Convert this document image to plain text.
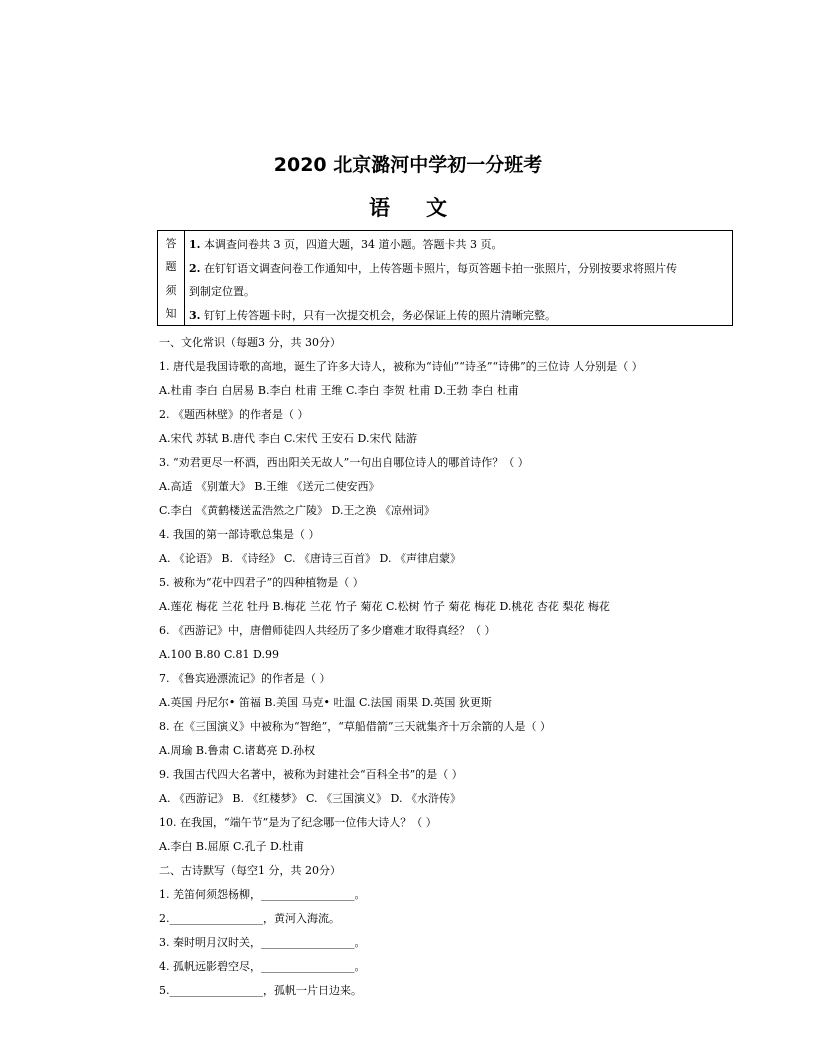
2020 北京潞河中学初一分班考
语文
答
题
须
知
1. 本调查问卷共 3 页，四道大题，34 道小题。答题卡共 3 页。
2. 在钉钉语文调查问卷工作通知中，上传答题卡照片，每页答题卡拍一张照片，分别按要求将照片传
到制定位置。
3. 钉钉上传答题卡时，只有一次提交机会，务必保证上传的照片清晰完整。
一、文化常识（每题3 分，共 30分）
1. 唐代是我国诗歌的高地，诞生了许多大诗人，被称为“诗仙”“诗圣”“诗佛”的三位诗 人分别是（ ）
A.杜甫 李白 白居易 B.李白 杜甫 王维 C.李白 李贺 杜甫 D.王勃 李白 杜甫
2. 《题西林壁》的作者是（ ）
A.宋代 苏轼 B.唐代 李白 C.宋代 王安石 D.宋代 陆游
3. “劝君更尽一杯酒，西出阳关无故人”一句出自哪位诗人的哪首诗作？（ ）
A.高适 《别董大》 B.王维 《送元二使安西》
C.李白 《黄鹤楼送孟浩然之广陵》 D.王之涣 《凉州词》
4. 我国的第一部诗歌总集是（ ）
A. 《论语》 B. 《诗经》 C. 《唐诗三百首》 D. 《声律启蒙》
5. 被称为“花中四君子”的四种植物是（ ）
A.莲花 梅花 兰花 牡丹 B.梅花 兰花 竹子 菊花 C.松树 竹子 菊花 梅花 D.桃花 杏花 梨花 梅花
6. 《西游记》中，唐僧师徒四人共经历了多少磨难才取得真经？（ ）
A.100 B.80 C.81 D.99
7. 《鲁宾逊漂流记》的作者是（ ）
A.英国 丹尼尔• 笛福 B.美国 马克• 吐温 C.法国 雨果 D.英国 狄更斯
8. 在《三国演义》中被称为“智绝”，“草船借箭”三天就集齐十万余箭的人是（ ）
A.周瑜 B.鲁肃 C.诸葛亮 D.孙权
9. 我国古代四大名著中，被称为封建社会“百科全书”的是（ ）
A. 《西游记》 B. 《红楼梦》 C. 《三国演义》 D. 《水浒传》
10. 在我国，“端午节”是为了纪念哪一位伟大诗人？（ ）
A.李白 B.屈原 C.孔子 D.杜甫
二、古诗默写（每空1 分，共 20分）
1. 羌笛何须怨杨柳，_________________。
2._________________，黄河入海流。
3. 秦时明月汉时关，_________________。
4. 孤帆远影碧空尽，_________________。
5._________________，孤帆一片日边来。
